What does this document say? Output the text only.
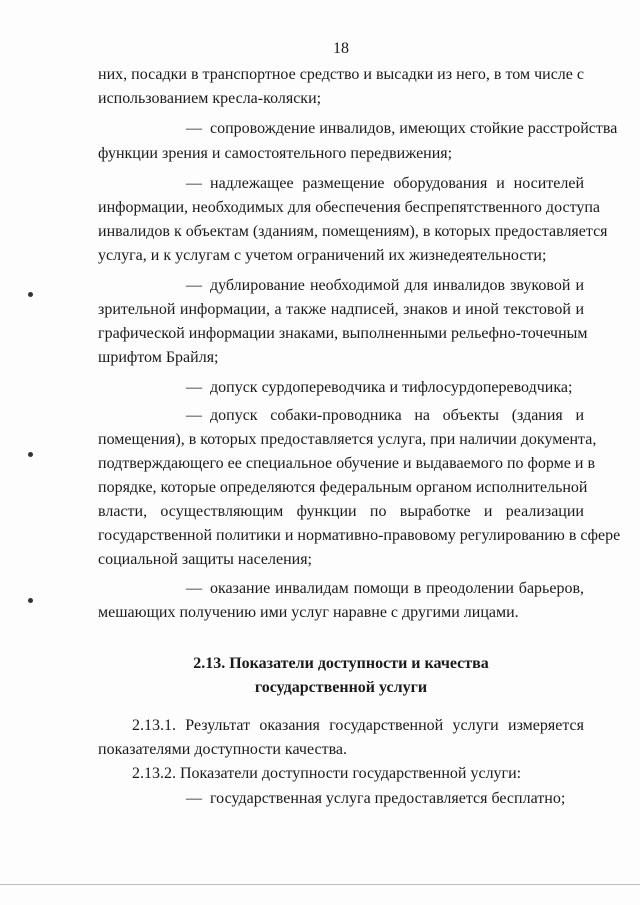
18
них, посадки в транспортное средство и высадки из него, в том числе с
использованием кресла-коляски;
— сопровождение инвалидов, имеющих стойкие расстройства
функции зрения и самостоятельного передвижения;
— надлежащее размещение оборудования и носителей
информации, необходимых для обеспечения беспрепятственного доступа
инвалидов к объектам (зданиям, помещениям), в которых предоставляется
услуга, и к услугам с учетом ограничений их жизнедеятельности;
— дублирование необходимой для инвалидов звуковой и
зрительной информации, а также надписей, знаков и иной текстовой и
графической информации знаками, выполненными рельефно-точечным
шрифтом Брайля;
— допуск сурдопереводчика и тифлосурдопереводчика;
— допуск собаки-проводника на объекты (здания и
помещения), в которых предоставляется услуга, при наличии документа,
подтверждающего ее специальное обучение и выдаваемого по форме и в
порядке, которые определяются федеральным органом исполнительной
власти, осуществляющим функции по выработке и реализации
государственной политики и нормативно-правовому регулированию в сфере
социальной защиты населения;
— оказание инвалидам помощи в преодолении барьеров,
мешающих получению ими услуг наравне с другими лицами.
2.13. Показатели доступности и качества
государственной услуги
2.13.1. Результат оказания государственной услуги измеряется
показателями доступности качества.
2.13.2. Показатели доступности государственной услуги:
— государственная услуга предоставляется бесплатно;
